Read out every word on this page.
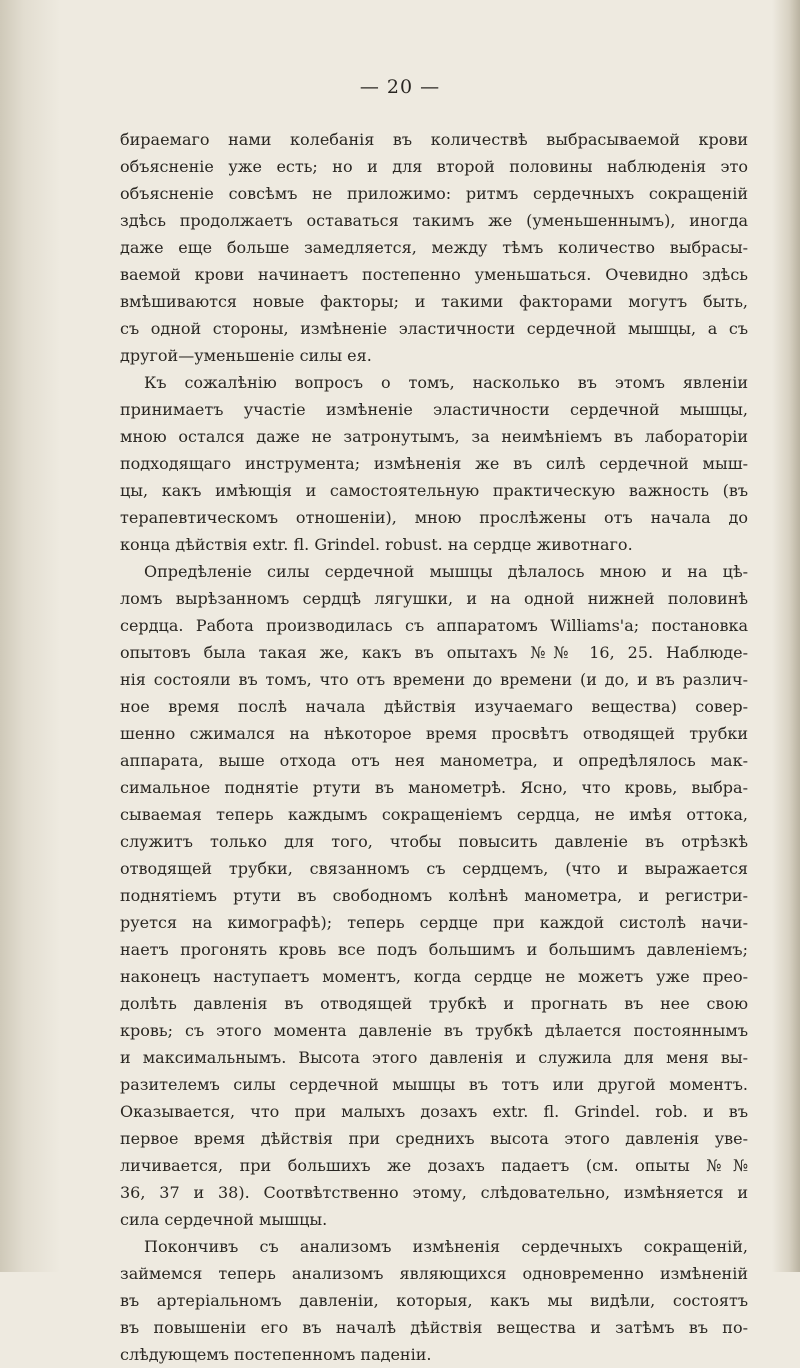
— 20 —
бираемаго нами колебанія въ количествѣ выбрасываемой крови
объясненіе уже есть; но и для второй половины наблюденія это
объясненіе совсѣмъ не приложимо: ритмъ сердечныхъ сокращеній
здѣсь продолжаетъ оставаться такимъ же (уменьшеннымъ), иногда
даже еще больше замедляется, между тѣмъ количество выбрасы-
ваемой крови начинаетъ постепенно уменьшаться. Очевидно здѣсь
вмѣшиваются новые факторы; и такими факторами могутъ быть,
съ одной стороны, измѣненіе эластичности сердечной мышцы, а съ
другой—уменьшеніе силы ея.
Къ сожалѣнію вопросъ о томъ, насколько въ этомъ явленіи
принимаетъ участіе измѣненіе эластичности сердечной мышцы,
мною остался даже не затронутымъ, за неимѣніемъ въ лабораторіи
подходящаго инструмента; измѣненія же въ силѣ сердечной мыш-
цы, какъ имѣющія и самостоятельную практическую важность (въ
терапевтическомъ отношеніи), мною прослѣжены отъ начала до
конца дѣйствія extr. fl. Grindel. robust. на сердце животнаго.
Опредѣленіе силы сердечной мышцы дѣлалось мною и на цѣ-
ломъ вырѣзанномъ сердцѣ лягушки, и на одной нижней половинѣ
сердца. Работа производилась съ аппаратомъ Williams'a; постановка
опытовъ была такая же, какъ въ опытахъ №№ 16, 25. Наблюде-
нія состояли въ томъ, что отъ времени до времени (и до, и въ различ-
ное время послѣ начала дѣйствія изучаемаго вещества) совер-
шенно сжимался на нѣкоторое время просвѣтъ отводящей трубки
аппарата, выше отхода отъ нея манометра, и опредѣлялось мак-
симальное поднятіе ртути въ манометрѣ. Ясно, что кровь, выбра-
сываемая теперь каждымъ сокращеніемъ сердца, не имѣя оттока,
служитъ только для того, чтобы повысить давленіе въ отрѣзкѣ
отводящей трубки, связанномъ съ сердцемъ, (что и выражается
поднятіемъ ртути въ свободномъ колѣнѣ манометра, и регистри-
руется на кимографѣ); теперь сердце при каждой систолѣ начи-
наетъ прогонять кровь все подъ большимъ и большимъ давленіемъ;
наконецъ наступаетъ моментъ, когда сердце не можетъ уже прео-
долѣть давленія въ отводящей трубкѣ и прогнать въ нее свою
кровь; съ этого момента давленіе въ трубкѣ дѣлается постояннымъ
и максимальнымъ. Высота этого давленія и служила для меня вы-
разителемъ силы сердечной мышцы въ тотъ или другой моментъ.
Оказывается, что при малыхъ дозахъ extr. fl. Grindel. rob. и въ
первое время дѣйствія при среднихъ высота этого давленія уве-
личивается, при большихъ же дозахъ падаетъ (см. опыты №№
36, 37 и 38). Соотвѣтственно этому, слѣдовательно, измѣняется и
сила сердечной мышцы.
Покончивъ съ анализомъ измѣненія сердечныхъ сокращеній,
займемся теперь анализомъ являющихся одновременно измѣненій
въ артеріальномъ давленіи, которыя, какъ мы видѣли, состоятъ
въ повышеніи его въ началѣ дѣйствія вещества и затѣмъ въ по-
слѣдующемъ постепенномъ паденіи.
